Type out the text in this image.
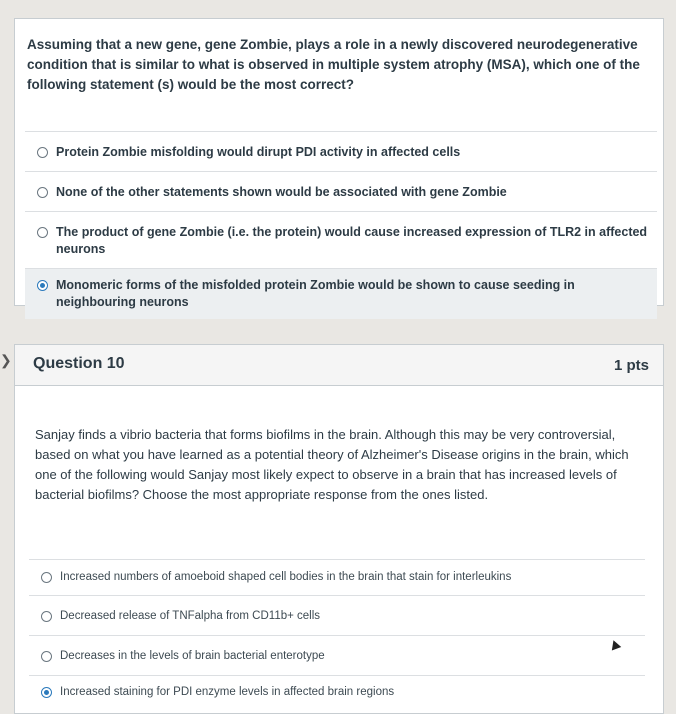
Assuming that a new gene, gene Zombie, plays a role in a newly discovered neurodegenerative condition that is similar to what is observed in multiple system atrophy (MSA), which one of the following statement (s) would be the most correct?
Protein Zombie misfolding would dirupt PDI activity in affected cells
None of the other statements shown would be associated with gene Zombie
The product of gene Zombie (i.e. the protein) would cause increased expression of TLR2 in affected neurons
Monomeric forms of the misfolded protein Zombie would be shown to cause seeding in neighbouring neurons
❯ Question 10	1 pts
Sanjay finds a vibrio bacteria that forms biofilms in the brain. Although this may be very controversial, based on what you have learned as a potential theory of Alzheimer's Disease origins in the brain, which one of the following would Sanjay most likely expect to observe in a brain that has increased levels of bacterial biofilms? Choose the most appropriate response from the ones listed.
Increased numbers of amoeboid shaped cell bodies in the brain that stain for interleukins
Decreased release of TNFalpha from CD11b+ cells
Decreases in the levels of brain bacterial enterotype
Increased staining for PDI enzyme levels in affected brain regions
